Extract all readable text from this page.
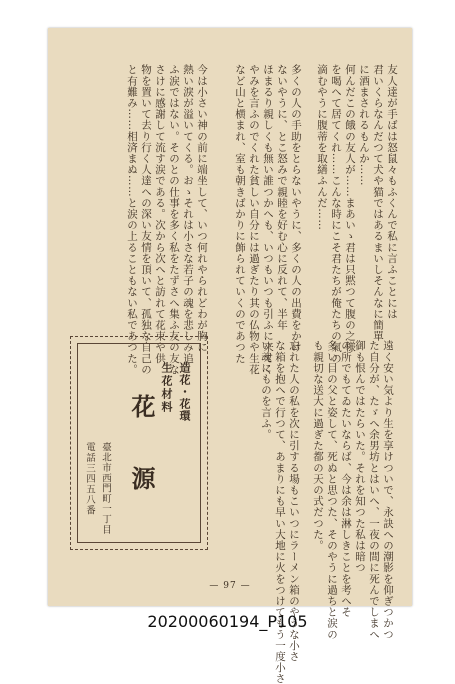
友人達が手ばは怒鼠々もふくんで私に言ふことには
君いくらなんだつて犬や猫ではあるまいしそんなに簡單
に酒まされるもんか……
何んだこの餓の友人が……まあいゝ君は只黙つて腹の之様
を喝へて居てくれ……こんな時にこそ君たちが俺たちの氣の
滴むやうに腹蒂を取繕ふんだ……
多くの人の手助をとらないやうに、多くの人の出費をかけ
ないやうに、とこ怒みで親睦を好む心に反れて、半年
ほまるり親しくも無い誰つかへも、いつもいつも引ふに来てく
やみを言ふのでくれた貧しい自分には過ぎたり其の仏物や生花
など山と横まれ、室も朝きばかりに飾られていくのであつた
今は小さい神の前に端坐して、いつ何れやられどわが胸に
熱い淚が溢いてくる。おゝそれは小さな若子の魂を悲しみ追
ふ涙ではない。そのとの仕事を多く私をたずさへ集ふ友の友な
さけに感謝して流す涙である。次から次へと訪れて花束や供
物を置いて去り行く人達への深い友情を頂いて、孤独な自己の
と有難み……相済まぬ……と涙の上ることもない私であつた。
遠く安い気より生を享けついで、永訣への潮影を仰ぎつかつ
た自分が、たゞへ余男坊とはいへ、一夜の間に死んでしまへ
御も恨んではたらいた。それを知つた私は暗つ
の所でもてゐたいならば、今は余は淋しきことを考へそ
多い目の父と姿して、死ぬと思つた、そのやうに過ちと涙の
も親切な送大に過ぎた都の天の式だつた。
忘れた人の私を次に引する場もこいつにラーメン箱のやうな小さ
な箱を抱へで行つて、あまりにも早い大地に火をつけてもう一度小さ
い魂にものを言ふ。
造花・花環
生花材料
花
源
臺北市西門町一丁目
電話三四五八番
— 97 —
20200060194_P105
